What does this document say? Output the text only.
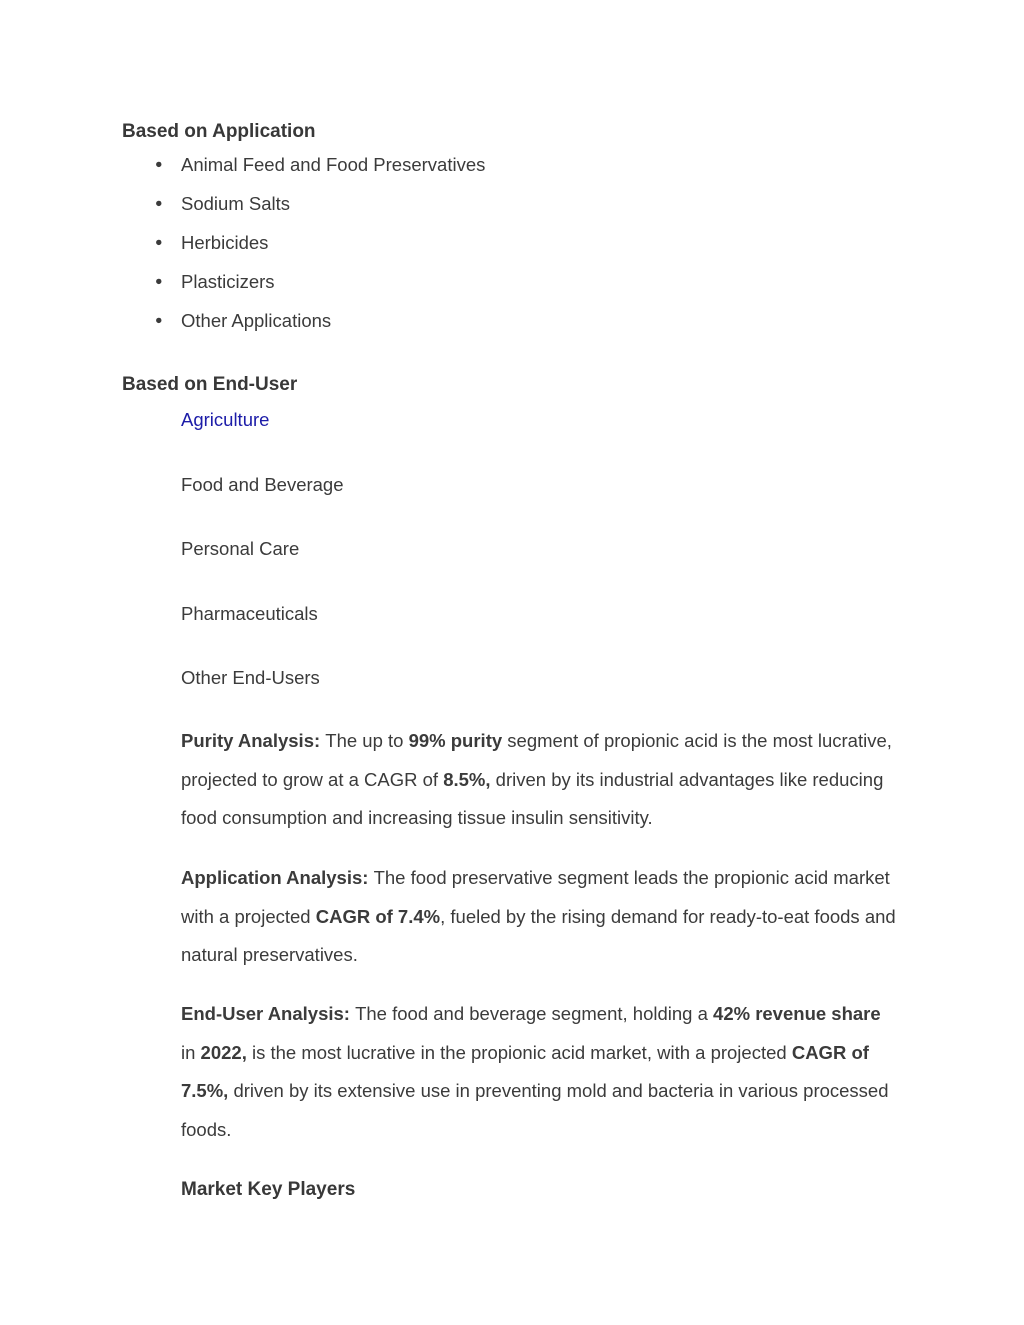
Based on Application
● Animal Feed and Food Preservatives
● Sodium Salts
● Herbicides
● Plasticizers
● Other Applications
Based on End-User
Agriculture
Food and Beverage
Personal Care
Pharmaceuticals
Other End-Users

Purity Analysis: The up to 99% purity segment of propionic acid is the most lucrative, projected to grow at a CAGR of 8.5%, driven by its industrial advantages like reducing food consumption and increasing tissue insulin sensitivity.

Application Analysis: The food preservative segment leads the propionic acid market with a projected CAGR of 7.4%, fueled by the rising demand for ready-to-eat foods and natural preservatives.

End-User Analysis: The food and beverage segment, holding a 42% revenue share in 2022, is the most lucrative in the propionic acid market, with a projected CAGR of 7.5%, driven by its extensive use in preventing mold and bacteria in various processed foods.

Market Key Players
